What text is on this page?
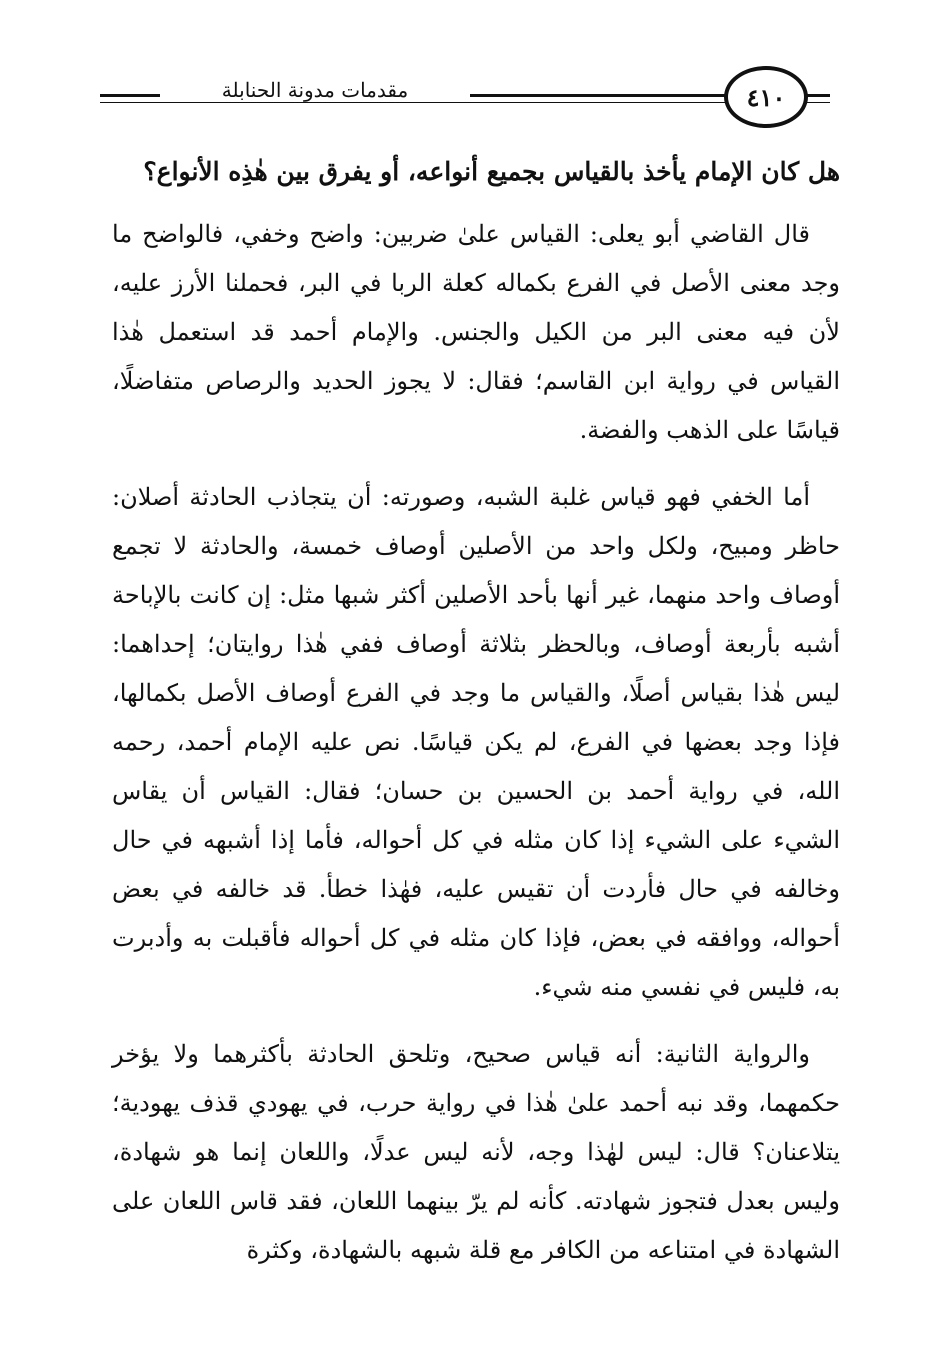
مقدمات مدونة الحنابلة	٤١٠

هل كان الإمام يأخذ بالقياس بجميع أنواعه، أو يفرق بين هٰذِه الأنواع؟

قال القاضي أبو يعلى: القياس علىٰ ضربين: واضح وخفي، فالواضح ما وجد معنى الأصل في الفرع بكماله كعلة الربا في البر، فحملنا الأرز عليه، لأن فيه معنى البر من الكيل والجنس. والإمام أحمد قد استعمل هٰذا القياس في رواية ابن القاسم؛ فقال: لا يجوز الحديد والرصاص متفاضلًا، قياسًا على الذهب والفضة.

أما الخفي فهو قياس غلبة الشبه، وصورته: أن يتجاذب الحادثة أصلان: حاظر ومبيح، ولكل واحد من الأصلين أوصاف خمسة، والحادثة لا تجمع أوصاف واحد منهما، غير أنها بأحد الأصلين أكثر شبها مثل: إن كانت بالإباحة أشبه بأربعة أوصاف، وبالحظر بثلاثة أوصاف ففي هٰذا روايتان؛ إحداهما: ليس هٰذا بقياس أصلًا، والقياس ما وجد في الفرع أوصاف الأصل بكمالها، فإذا وجد بعضها في الفرع، لم يكن قياسًا. نص عليه الإمام أحمد، رحمه الله، في رواية أحمد بن الحسين بن حسان؛ فقال: القياس أن يقاس الشيء على الشيء إذا كان مثله في كل أحواله، فأما إذا أشبهه في حال وخالفه في حال فأردت أن تقيس عليه، فهٰذا خطأ. قد خالفه في بعض أحواله، ووافقه في بعض، فإذا كان مثله في كل أحواله فأقبلت به وأدبرت به، فليس في نفسي منه شيء.

والرواية الثانية: أنه قياس صحيح، وتلحق الحادثة بأكثرهما ولا يؤخر حكمهما، وقد نبه أحمد علىٰ هٰذا في رواية حرب، في يهودي قذف يهودية؛ يتلاعنان؟ قال: ليس لهٰذا وجه، لأنه ليس عدلًا، واللعان إنما هو شهادة، وليس بعدل فتجوز شهادته. كأنه لم يرّ بينهما اللعان، فقد قاس اللعان على الشهادة في امتناعه من الكافر مع قلة شبهه بالشهادة، وكثرة
